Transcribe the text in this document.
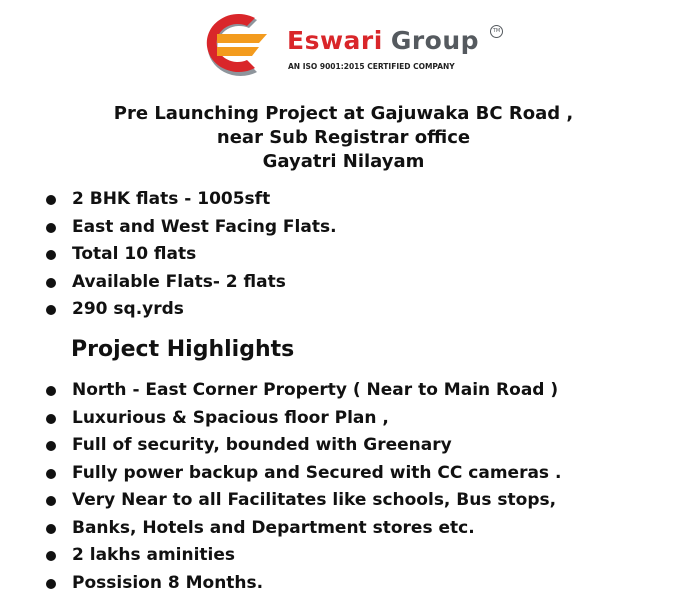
Eswari Group	TM
AN ISO 9001:2015 CERTIFIED COMPANY
Pre Launching Project at Gajuwaka BC Road ,
near Sub Registrar office
Gayatri Nilayam
2 BHK flats - 1005sft
East and West Facing Flats.
Total 10 flats
Available Flats- 2 flats
290 sq.yrds
Project Highlights
North - East Corner Property ( Near to Main Road )
Luxurious & Spacious floor Plan ,
Full of security, bounded with Greenary
Fully power backup and Secured with CC cameras .
Very Near to all Facilitates like schools, Bus stops,
Banks, Hotels and Department stores etc.
2 lakhs aminities
Possision 8 Months.
